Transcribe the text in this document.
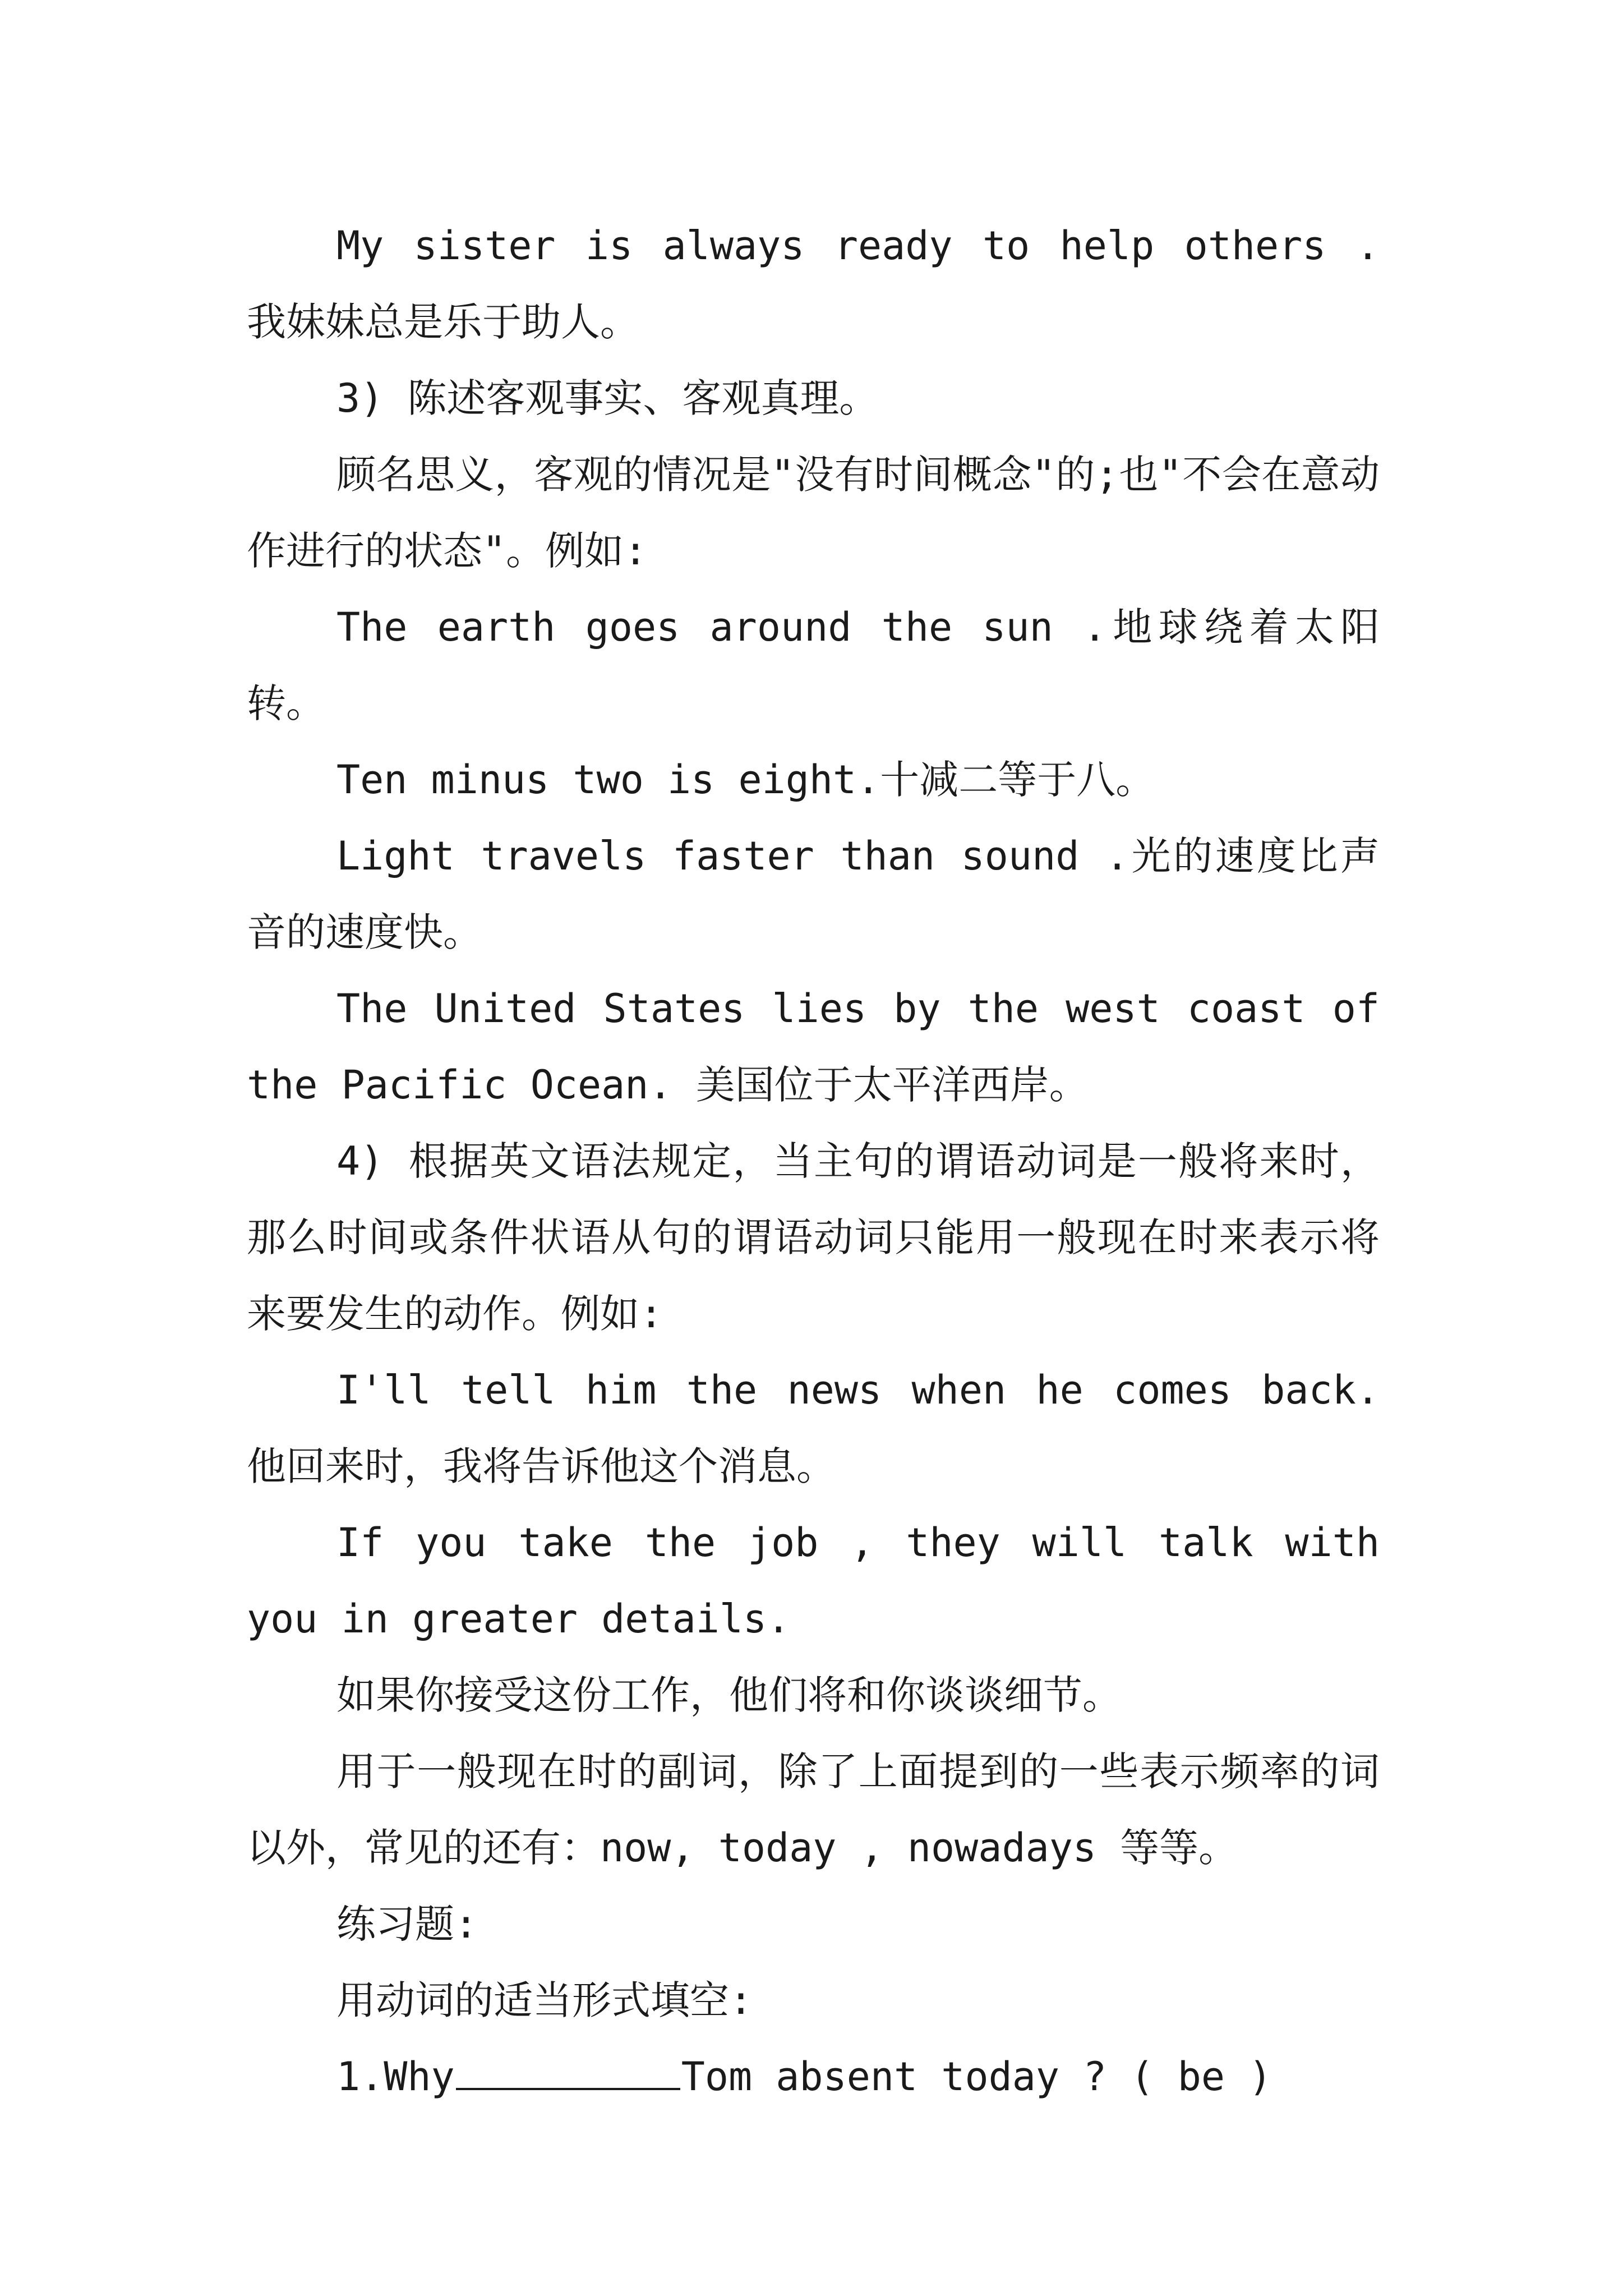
My sister is always ready to help others . 我妹妹总是乐于助人。

3) 陈述客观事实、客观真理。

顾名思义，客观的情况是"没有时间概念"的;也"不会在意动作进行的状态"。例如:

The earth goes around the sun .地球绕着太阳转。

Ten minus two is eight.十减二等于八。

Light travels faster than sound .光的速度比声音的速度快。

The United States lies by the west coast of the Pacific Ocean. 美国位于太平洋西岸。

4) 根据英文语法规定，当主句的谓语动词是一般将来时，那么时间或条件状语从句的谓语动词只能用一般现在时来表示将来要发生的动作。例如:

I'll tell him the news when he comes back. 他回来时，我将告诉他这个消息。

If you take the job , they will talk with you in greater details.

如果你接受这份工作，他们将和你谈谈细节。

用于一般现在时的副词，除了上面提到的一些表示频率的词以外，常见的还有：now, today , nowadays 等等。

练习题:

用动词的适当形式填空:

1.Why	Tom absent today ? ( be )
